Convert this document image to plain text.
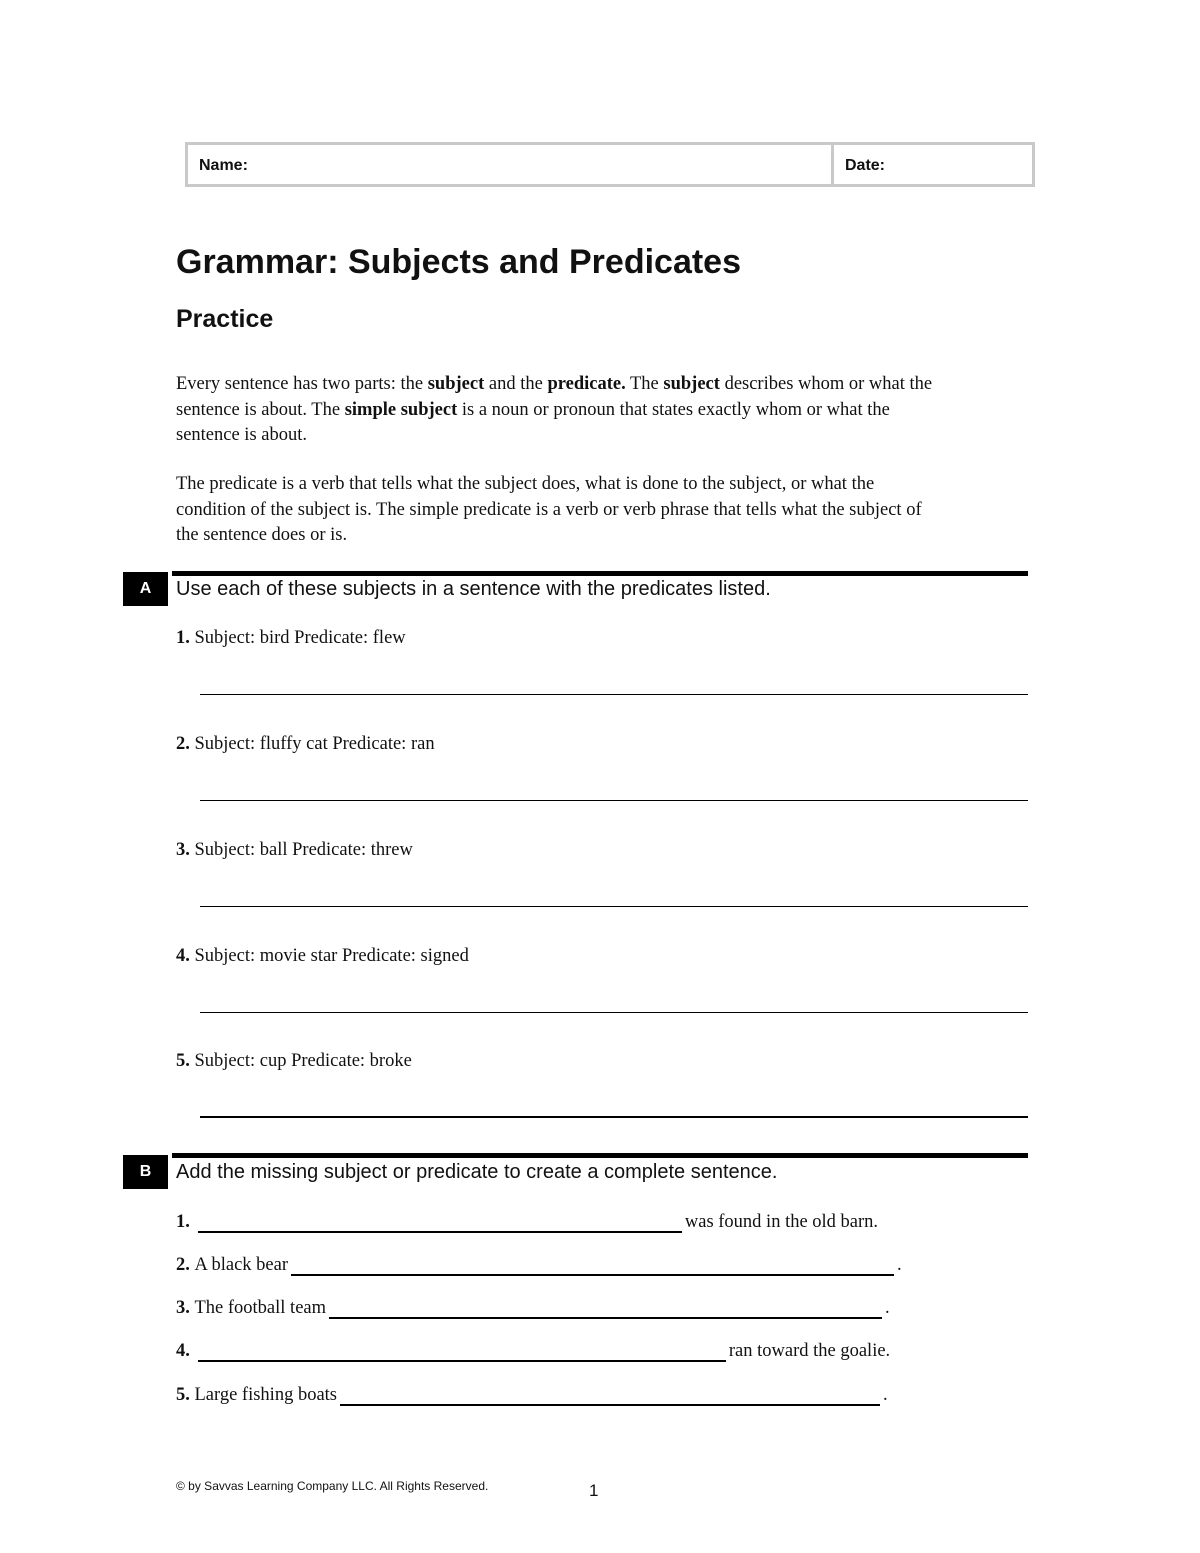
Name:	Date:
Grammar: Subjects and Predicates
Practice

Every sentence has two parts: the subject and the predicate. The subject describes whom or what the sentence is about. The simple subject is a noun or pronoun that states exactly whom or what the sentence is about.

The predicate is a verb that tells what the subject does, what is done to the subject, or what the condition of the subject is. The simple predicate is a verb or verb phrase that tells what the subject of the sentence does or is.

A	Use each of these subjects in a sentence with the predicates listed.

1. Subject: bird Predicate: flew
2. Subject: fluffy cat Predicate: ran
3. Subject: ball Predicate: threw
4. Subject: movie star Predicate: signed
5. Subject: cup Predicate: broke
B	Add the missing subject or predicate to create a complete sentence.

1.	was found in the old barn.
2.
A black bear	.
3.
The football team	.
4.	ran toward the goalie.
5.
Large fishing boats	.
© by Savvas Learning Company LLC. All Rights Reserved.	1
